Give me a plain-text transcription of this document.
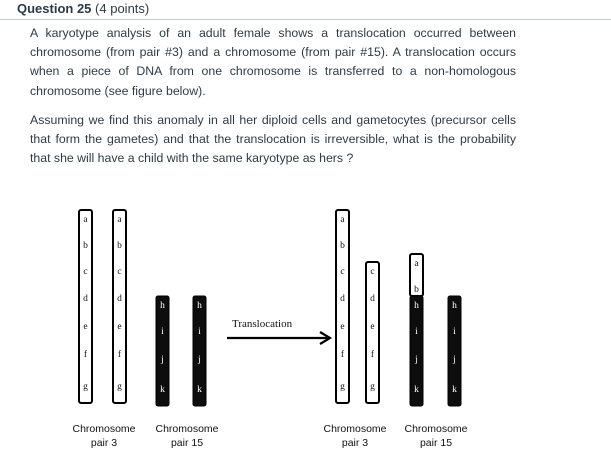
Question 25 (4 points)

A karyotype analysis of an adult female shows a translocation occurred between chromosome (from pair #3) and a chromosome (from pair #15). A translocation occurs when a piece of DNA from one chromosome is transferred to a non-homologous chromosome (see figure below).

Assuming we find this anomaly in all her diploid cells and gametocytes (precursor cells that form the gametes) and that the translocation is irreversible, what is the probability that she will have a child with the same karyotype as hers ?

a
b
c
d
e
f
g
a
b
c
d
e
f
g
h
i
j
k
h
i
j
k
a
b
c
d
e
f
g
c
d
e
f
g
a
b
h
i
j
k
h
i
j
k
Translocation
Chromosome
pair 3
Chromosome
pair 15
Chromosome
pair 3
Chromosome
pair 15
